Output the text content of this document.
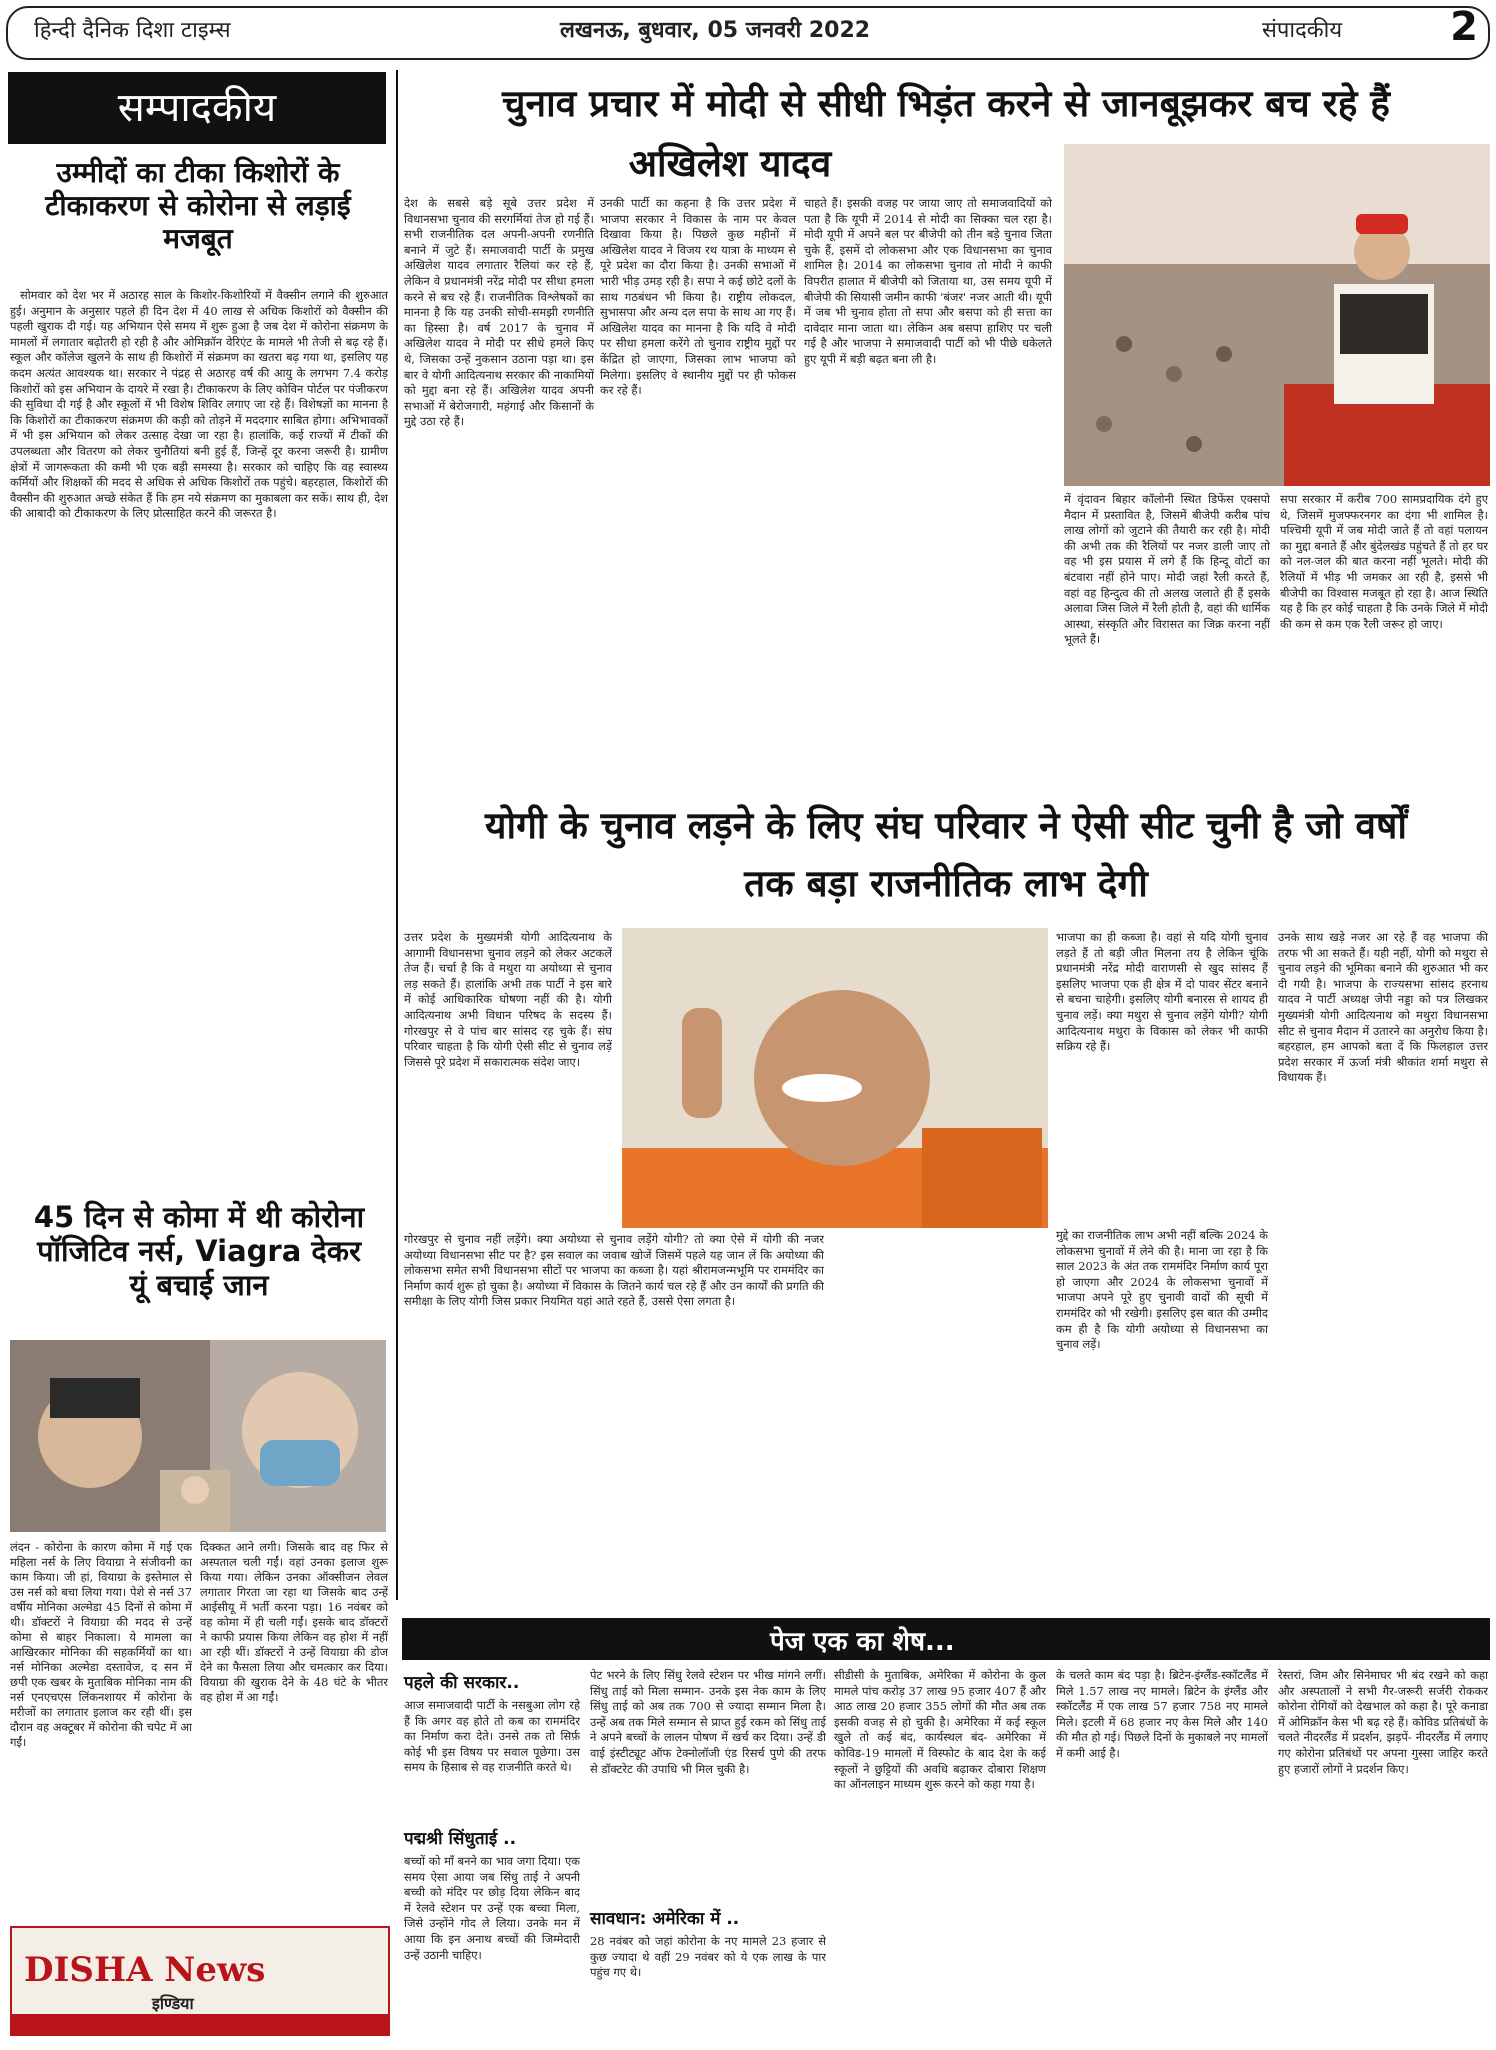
हिन्दी दैनिक दिशा टाइम्स	लखनऊ, बुधवार, 05 जनवरी 2022	संपादकीय	2
सम्पादकीय
उम्मीदों का टीका किशोरों के टीकाकरण से कोरोना से लड़ाई मजबूत

सोमवार को देश भर में अठारह साल के किशोर-किशोरियों में वैक्सीन लगाने की शुरुआत हुई। अनुमान के अनुसार पहले ही दिन देश में 40 लाख से अधिक किशोरों को वैक्सीन की पहली खुराक दी गई। यह अभियान ऐसे समय में शुरू हुआ है जब देश में कोरोना संक्रमण के मामलों में लगातार बढ़ोतरी हो रही है और ओमिक्रॉन वेरिएंट के मामले भी तेजी से बढ़ रहे हैं। स्कूल और कॉलेज खुलने के साथ ही किशोरों में संक्रमण का खतरा बढ़ गया था, इसलिए यह कदम अत्यंत आवश्यक था। सरकार ने पंद्रह से अठारह वर्ष की आयु के लगभग 7.4 करोड़ किशोरों को इस अभियान के दायरे में रखा है। टीकाकरण के लिए कोविन पोर्टल पर पंजीकरण की सुविधा दी गई है और स्कूलों में भी विशेष शिविर लगाए जा रहे हैं। विशेषज्ञों का मानना है कि किशोरों का टीकाकरण संक्रमण की कड़ी को तोड़ने में मददगार साबित होगा। अभिभावकों में भी इस अभियान को लेकर उत्साह देखा जा रहा है। हालांकि, कई राज्यों में टीकों की उपलब्धता और वितरण को लेकर चुनौतियां बनी हुई हैं, जिन्हें दूर करना जरूरी है। ग्रामीण क्षेत्रों में जागरूकता की कमी भी एक बड़ी समस्या है। सरकार को चाहिए कि वह स्वास्थ्य कर्मियों और शिक्षकों की मदद से अधिक से अधिक किशोरों तक पहुंचे। बहरहाल, किशोरों की वैक्सीन की शुरुआत अच्छे संकेत हैं कि हम नये संक्रमण का मुकाबला कर सकें। साथ ही, देश की आबादी को टीकाकरण के लिए प्रोत्साहित करने की जरूरत है।

45 दिन से कोमा में थी कोरोना
पॉजिटिव नर्स, Viagra देकर
यूं बचाई जान
लंदन - कोरोना के कारण कोमा में गई एक महिला नर्स के लिए वियाग्रा ने संजीवनी का काम किया। जी हां, वियाग्रा के इस्तेमाल से उस नर्स को बचा लिया गया। पेशे से नर्स 37 वर्षीय मोनिका अल्मेडा 45 दिनों से कोमा में थी। डॉक्टरों ने वियाग्रा की मदद से उन्हें कोमा से बाहर निकाला। ये मामला का आखिरकार मोनिका की सहकर्मियों का था। नर्स मोनिका अल्मेडा दस्तावेज, द सन में छपी एक खबर के मुताबिक मोनिका नाम की नर्स एनएचएस लिंकनशायर में कोरोना के मरीजों का लगातार इलाज कर रही थीं। इस दौरान वह अक्टूबर में कोरोना की चपेट में आ गईं।
दिक्कत आने लगी। जिसके बाद वह फिर से अस्पताल चली गईं। वहां उनका इलाज शुरू किया गया। लेकिन उनका ऑक्सीजन लेवल लगातार गिरता जा रहा था जिसके बाद उन्हें आईसीयू में भर्ती करना पड़ा। 16 नवंबर को वह कोमा में ही चली गईं। इसके बाद डॉक्टरों ने काफी प्रयास किया लेकिन वह होश में नहीं आ रही थीं। डॉक्टरों ने उन्हें वियाग्रा की डोज देने का फैसला लिया और चमत्कार कर दिया। वियाग्रा की खुराक देने के 48 घंटे के भीतर वह होश में आ गईं।
DISHA News
इण्डिया
चुनाव प्रचार में मोदी से सीधी भिड़ंत करने से जानबूझकर बच रहे हैं
अखिलेश यादव
देश के सबसे बड़े सूबे उत्तर प्रदेश में विधानसभा चुनाव की सरगर्मियां तेज हो गई हैं। सभी राजनीतिक दल अपनी-अपनी रणनीति बनाने में जुटे हैं। समाजवादी पार्टी के प्रमुख अखिलेश यादव लगातार रैलियां कर रहे हैं, लेकिन वे प्रधानमंत्री नरेंद्र मोदी पर सीधा हमला करने से बच रहे हैं। राजनीतिक विश्लेषकों का मानना है कि यह उनकी सोची-समझी रणनीति का हिस्सा है। वर्ष 2017 के चुनाव में अखिलेश यादव ने मोदी पर सीधे हमले किए थे, जिसका उन्हें नुकसान उठाना पड़ा था। इस बार वे योगी आदित्यनाथ सरकार की नाकामियों को मुद्दा बना रहे हैं। अखिलेश यादव अपनी सभाओं में बेरोजगारी, महंगाई और किसानों के मुद्दे उठा रहे हैं।
उनकी पार्टी का कहना है कि उत्तर प्रदेश में भाजपा सरकार ने विकास के नाम पर केवल दिखावा किया है। पिछले कुछ महीनों में अखिलेश यादव ने विजय रथ यात्रा के माध्यम से पूरे प्रदेश का दौरा किया है। उनकी सभाओं में भारी भीड़ उमड़ रही है। सपा ने कई छोटे दलों के साथ गठबंधन भी किया है। राष्ट्रीय लोकदल, सुभासपा और अन्य दल सपा के साथ आ गए हैं। अखिलेश यादव का मानना है कि यदि वे मोदी पर सीधा हमला करेंगे तो चुनाव राष्ट्रीय मुद्दों पर केंद्रित हो जाएगा, जिसका लाभ भाजपा को मिलेगा। इसलिए वे स्थानीय मुद्दों पर ही फोकस कर रहे हैं।
चाहते हैं। इसकी वजह पर जाया जाए तो समाजवादियों को पता है कि यूपी में 2014 से मोदी का सिक्का चल रहा है। मोदी यूपी में अपने बल पर बीजेपी को तीन बड़े चुनाव जिता चुके हैं, इसमें दो लोकसभा और एक विधानसभा का चुनाव शामिल है। 2014 का लोकसभा चुनाव तो मोदी ने काफी विपरीत हालात में बीजेपी को जिताया था, उस समय यूपी में बीजेपी की सियासी जमीन काफी 'बंजर' नजर आती थी। यूपी में जब भी चुनाव होता तो सपा और बसपा को ही सत्ता का दावेदार माना जाता था। लेकिन अब बसपा हाशिए पर चली गई है और भाजपा ने समाजवादी पार्टी को भी पीछे धकेलते हुए यूपी में बड़ी बढ़त बना ली है।
में वृंदावन बिहार कॉलोनी स्थित डिफेंस एक्सपो मैदान में प्रस्तावित है, जिसमें बीजेपी करीब पांच लाख लोगों को जुटाने की तैयारी कर रही है। मोदी की अभी तक की रैलियों पर नजर डाली जाए तो वह भी इस प्रयास में लगे हैं कि हिन्दू वोटों का बंटवारा नहीं होने पाए। मोदी जहां रैली करते हैं, वहां वह हिन्दुत्व की तो अलख जलाते ही हैं इसके अलावा जिस जिले में रैली होती है, वहां की धार्मिक आस्था, संस्कृति और विरासत का जिक्र करना नहीं भूलते हैं।
सपा सरकार में करीब 700 सामप्रदायिक दंगे हुए थे, जिसमें मुजफ्फरनगर का दंगा भी शामिल है। पश्चिमी यूपी में जब मोदी जाते हैं तो वहां पलायन का मुद्दा बनाते हैं और बुंदेलखंड पहुंचते हैं तो हर घर को नल-जल की बात करना नहीं भूलते। मोदी की रैलियों में भीड़ भी जमकर आ रही है, इससे भी बीजेपी का विश्वास मजबूत हो रहा है। आज स्थिति यह है कि हर कोई चाहता है कि उनके जिले में मोदी की कम से कम एक रैली जरूर हो जाए।
योगी के चुनाव लड़ने के लिए संघ परिवार ने ऐसी सीट चुनी है जो वर्षों
तक बड़ा राजनीतिक लाभ देगी
उत्तर प्रदेश के मुख्यमंत्री योगी आदित्यनाथ के आगामी विधानसभा चुनाव लड़ने को लेकर अटकलें तेज हैं। चर्चा है कि वे मथुरा या अयोध्या से चुनाव लड़ सकते हैं। हालांकि अभी तक पार्टी ने इस बारे में कोई आधिकारिक घोषणा नहीं की है। योगी आदित्यनाथ अभी विधान परिषद के सदस्य हैं। गोरखपुर से वे पांच बार सांसद रह चुके हैं। संघ परिवार चाहता है कि योगी ऐसी सीट से चुनाव लड़ें जिससे पूरे प्रदेश में सकारात्मक संदेश जाए।
गोरखपुर से चुनाव नहीं लड़ेंगे। क्या अयोध्या से चुनाव लड़ेंगे योगी? तो क्या ऐसे में योगी की नजर अयोध्या विधानसभा सीट पर है? इस सवाल का जवाब खोजें जिसमें पहले यह जान लें कि अयोध्या की लोकसभा समेत सभी विधानसभा सीटों पर भाजपा का कब्जा है। यहां श्रीरामजन्मभूमि पर राममंदिर का निर्माण कार्य शुरू हो चुका है। अयोध्या में विकास के जितने कार्य चल रहे हैं और उन कार्यों की प्रगति की समीक्षा के लिए योगी जिस प्रकार नियमित यहां आते रहते हैं, उससे ऐसा लगता है।
मुद्दे का राजनीतिक लाभ अभी नहीं बल्कि 2024 के लोकसभा चुनावों में लेने की है। माना जा रहा है कि साल 2023 के अंत तक राममंदिर निर्माण कार्य पूरा हो जाएगा और 2024 के लोकसभा चुनावों में भाजपा अपने पूरे हुए चुनावी वादों की सूची में राममंदिर को भी रखेगी। इसलिए इस बात की उम्मीद कम ही है कि योगी अयोध्या से विधानसभा का चुनाव लड़ें।
भाजपा का ही कब्जा है। वहां से यदि योगी चुनाव लड़ते हैं तो बड़ी जीत मिलना तय है लेकिन चूंकि प्रधानमंत्री नरेंद्र मोदी वाराणसी से खुद सांसद हैं इसलिए भाजपा एक ही क्षेत्र में दो पावर सेंटर बनाने से बचना चाहेगी। इसलिए योगी बनारस से शायद ही चुनाव लड़ें। क्या मथुरा से चुनाव लड़ेंगे योगी? योगी आदित्यनाथ मथुरा के विकास को लेकर भी काफी सक्रिय रहे हैं।
उनके साथ खड़े नजर आ रहे हैं वह भाजपा की तरफ भी आ सकते हैं। यही नहीं, योगी को मथुरा से चुनाव लड़ने की भूमिका बनाने की शुरुआत भी कर दी गयी है। भाजपा के राज्यसभा सांसद हरनाथ यादव ने पार्टी अध्यक्ष जेपी नड्डा को पत्र लिखकर मुख्यमंत्री योगी आदित्यनाथ को मथुरा विधानसभा सीट से चुनाव मैदान में उतारने का अनुरोध किया है। बहरहाल, हम आपको बता दें कि फिलहाल उत्तर प्रदेश सरकार में ऊर्जा मंत्री श्रीकांत शर्मा मथुरा से विधायक हैं।
पेज एक का शेष...
पहले की सरकार..
आज समाजवादी पार्टी के नसबुआ लोग रहे हैं कि अगर वह होते तो कब का राममंदिर का निर्माण करा देते। उनसे तक तो सिर्फ़ कोई भी इस विषय पर सवाल पूछेगा। उस समय के हिसाब से वह राजनीति करते थे।
पद्मश्री सिंधुताई ..
बच्चों को माँ बनने का भाव जगा दिया। एक समय ऐसा आया जब सिंधु ताई ने अपनी बच्ची को मंदिर पर छोड़ दिया लेकिन बाद में रेलवे स्टेशन पर उन्हें एक बच्चा मिला, जिसे उन्होंने गोद ले लिया। उनके मन में आया कि इन अनाथ बच्चों की जिम्मेदारी उन्हें उठानी चाहिए।
पेट भरने के लिए सिंधु रेलवे स्टेशन पर भीख मांगने लगीं। सिंधु ताई को मिला सम्मान- उनके इस नेक काम के लिए सिंधु ताई को अब तक 700 से ज्यादा सम्मान मिला है। उन्हें अब तक मिले सम्मान से प्राप्त हुई रकम को सिंधु ताई ने अपने बच्चों के लालन पोषण में खर्च कर दिया। उन्हें डी वाई इंस्टीट्यूट ऑफ टेक्नोलॉजी एंड रिसर्च पुणे की तरफ से डॉक्टरेट की उपाधि भी मिल चुकी है।
सावधान: अमेरिका में ..
28 नवंबर को जहां कोरोना के नए मामले 23 हजार से कुछ ज्यादा थे वहीं 29 नवंबर को ये एक लाख के पार पहुंच गए थे।
सीडीसी के मुताबिक, अमेरिका में कोरोना के कुल मामले पांच करोड़ 37 लाख 95 हजार 407 हैं और आठ लाख 20 हजार 355 लोगों की मौत अब तक इसकी वजह से हो चुकी है। अमेरिका में कई स्कूल खुले तो कई बंद, कार्यस्थल बंद- अमेरिका में कोविड-19 मामलों में विस्फोट के बाद देश के कई स्कूलों ने छुट्टियों की अवधि बढ़ाकर दोबारा शिक्षण का ऑनलाइन माध्यम शुरू करने को कहा गया है।
के चलते काम बंद पड़ा है। ब्रिटेन-इंग्लैंड-स्कॉटलैंड में मिले 1.57 लाख नए मामले। ब्रिटेन के इंग्लैंड और स्कॉटलैंड में एक लाख 57 हजार 758 नए मामले मिले। इटली में 68 हजार नए केस मिले और 140 की मौत हो गई। पिछले दिनों के मुकाबले नए मामलों में कमी आई है।
रेस्तरां, जिम और सिनेमाघर भी बंद रखने को कहा और अस्पतालों ने सभी गैर-जरूरी सर्जरी रोककर कोरोना रोगियों को देखभाल को कहा है। पूरे कनाडा में ओमिक्रॉन केस भी बढ़ रहे हैं। कोविड प्रतिबंधों के चलते नीदरलैंड में प्रदर्शन, झड़पें- नीदरलैंड में लगाए गए कोरोना प्रतिबंधों पर अपना गुस्सा जाहिर करते हुए हजारों लोगों ने प्रदर्शन किए।
